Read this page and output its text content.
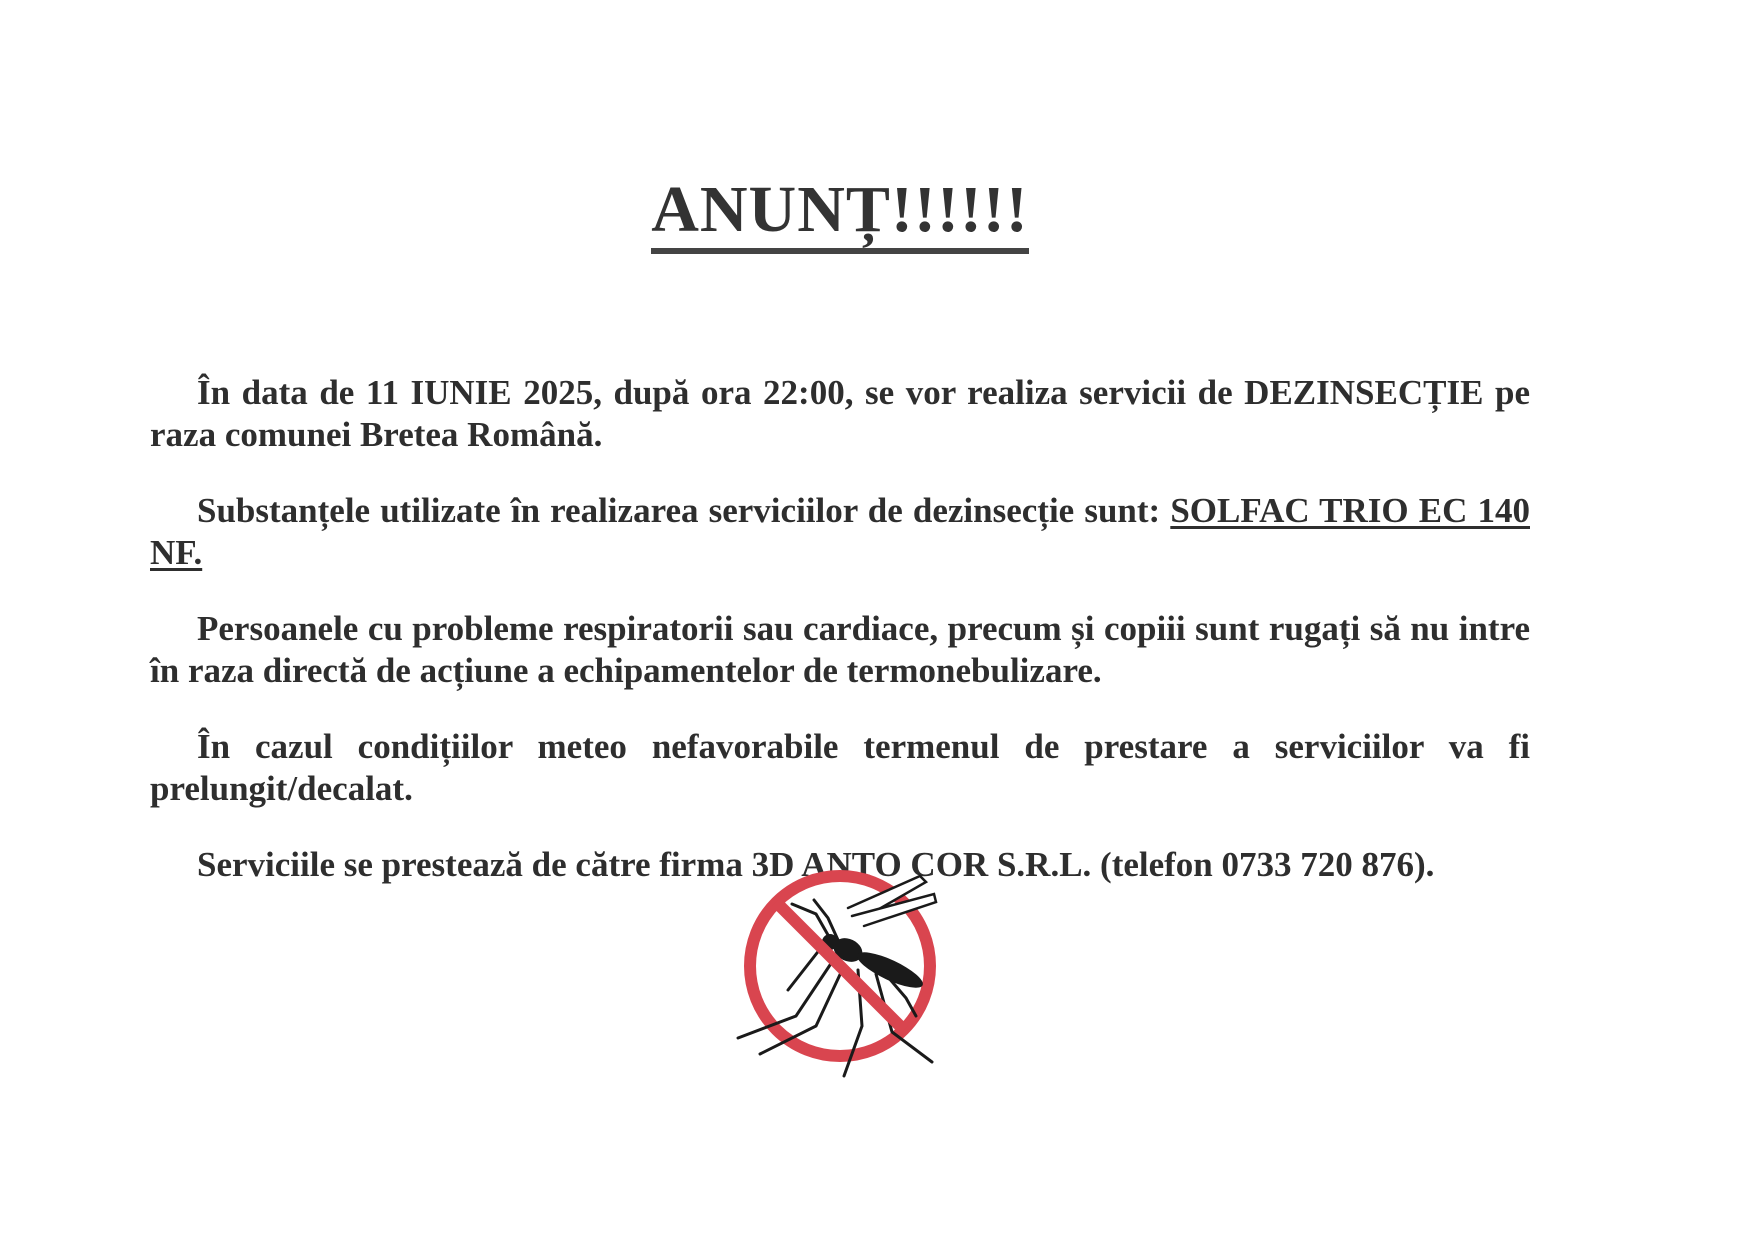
ANUNȚ!!!!!!

În data de 11 IUNIE 2025, după ora 22:00, se vor realiza servicii de DEZINSECȚIE pe raza comunei Bretea Română.

Substanțele utilizate în realizarea serviciilor de dezinsecție sunt: SOLFAC TRIO EC 140 NF.

Persoanele cu probleme respiratorii sau cardiace, precum și copiii sunt rugați să nu intre în raza directă de acțiune a echipamentelor de termonebulizare.

În cazul condițiilor meteo nefavorabile termenul de prestare a serviciilor va fi prelungit/decalat.

Serviciile se prestează de către firma 3D ANTO COR S.R.L. (telefon 0733 720 876).
